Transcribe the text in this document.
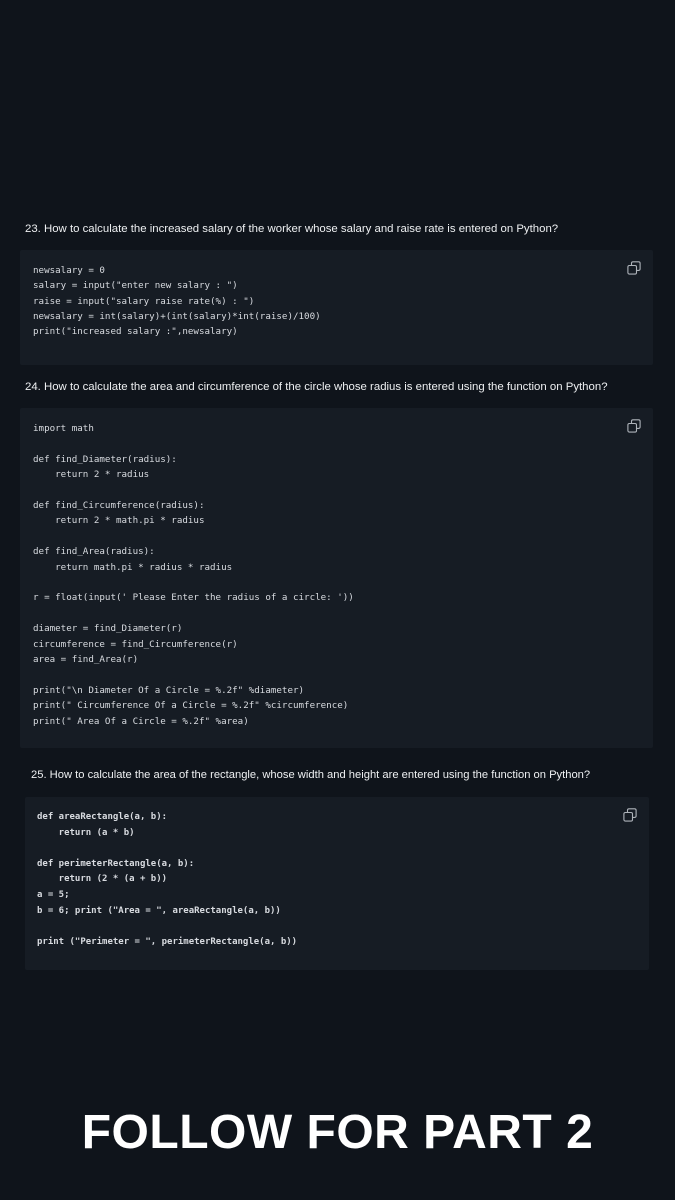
23. How to calculate the increased salary of the worker whose salary and raise rate is entered on Python?
newsalary = 0
salary = input("enter new salary : ")
raise = input("salary raise rate(%) : ")
newsalary = int(salary)+(int(salary)*int(raise)/100)
print("increased salary :",newsalary)
24. How to calculate the area and circumference of the circle whose radius is entered using the function on Python?
import math

def find_Diameter(radius):
return 2 * radius

def find_Circumference(radius):
return 2 * math.pi * radius

def find_Area(radius):
return math.pi * radius * radius

r = float(input(' Please Enter the radius of a circle: '))

diameter = find_Diameter(r)
circumference = find_Circumference(r)
area = find_Area(r)

print("\n Diameter Of a Circle = %.2f" %diameter)
print(" Circumference Of a Circle = %.2f" %circumference)
print(" Area Of a Circle = %.2f" %area)
25. How to calculate the area of the rectangle, whose width and height are entered using the function on Python?
def areaRectangle(a, b):
return (a * b)

def perimeterRectangle(a, b):
return (2 * (a + b))
a = 5;
b = 6; print ("Area = ", areaRectangle(a, b))

print ("Perimeter = ", perimeterRectangle(a, b))
FOLLOW FOR PART 2
